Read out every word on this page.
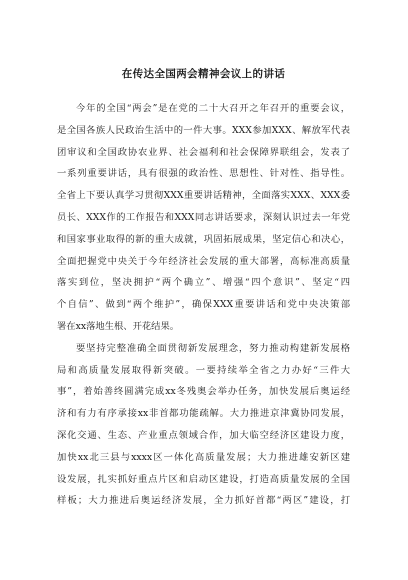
在传达全国两会精神会议上的讲话
今年的全国“两会”是在党的二十大召开之年召开的重要会议，
是全国各族人民政治生活中的一件大事。XXX参加XXX、解放军代表
团审议和全国政协农业界、社会福利和社会保障界联组会，发表了
一系列重要讲话，具有很强的政治性、思想性、针对性、指导性。
全省上下要认真学习贯彻XXX重要讲话精神，全面落实XXX、XXX委
员长、XXX作的工作报告和XXX同志讲话要求，深刻认识过去一年党
和国家事业取得的新的重大成就，巩固拓展成果，坚定信心和决心，
全面把握党中央关于今年经济社会发展的重大部署，高标准高质量
落实到位，坚决拥护“两个确立”、增强“四个意识”、坚定“四
个自信”、做到“两个维护”，确保XXX重要讲话和党中央决策部
署在xx落地生根、开花结果。
要坚持完整准确全面贯彻新发展理念，努力推动构建新发展格
局和高质量发展取得新突破。一要持续举全省之力办好“三件大
事”，着始善终圆满完成xx冬残奥会举办任务，加快发展后奥运经
济和有力有序承接xx非首都功能疏解。大力推进京津冀协同发展，
深化交通、生态、产业重点领域合作，加大临空经济区建设力度，
加快xx北三县与xxxx区一体化高质量发展；大力推进雄安新区建
设发展，扎实抓好重点片区和启动区建设，打造高质量发展的全国
样板；大力推进后奥运经济发展，全力抓好首都“两区”建设，打
